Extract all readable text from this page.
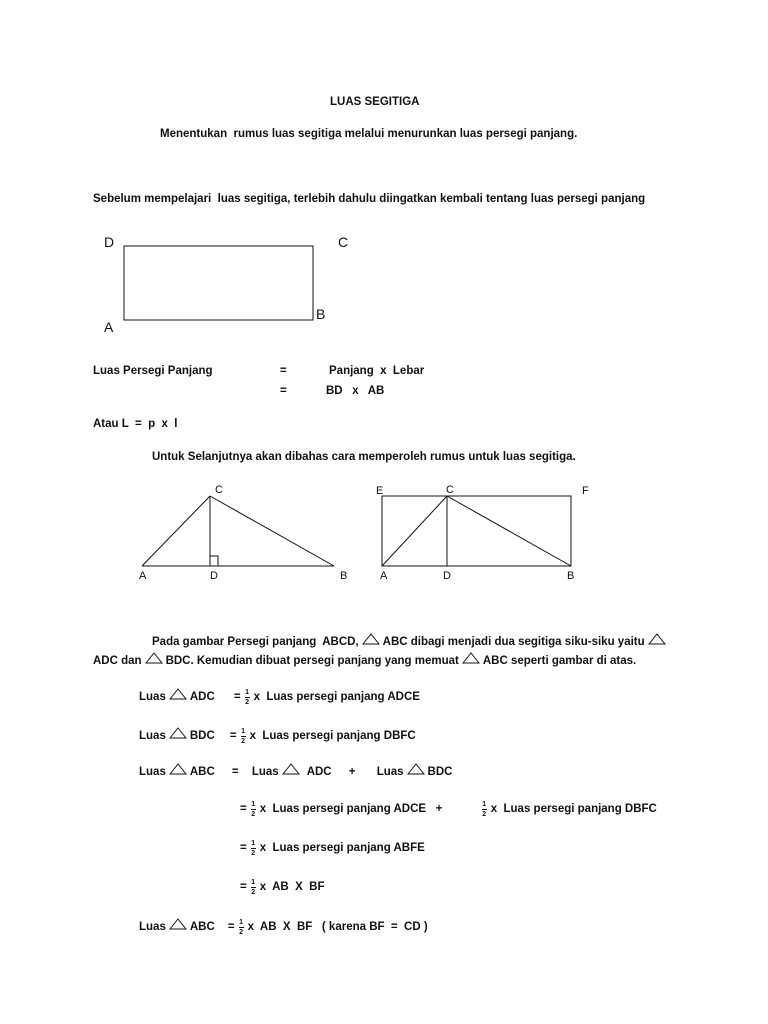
LUAS SEGITIGA
Menentukan  rumus luas segitiga melalui menurunkan luas persegi panjang.
Sebelum mempelajari  luas segitiga, terlebih dahulu diingatkan kembali tentang luas persegi panjang
D	C
A
B
Luas Persegi Panjang	=	Panjang  x  Lebar
=	BD   x   AB
Atau L  =  p  x  l
Untuk Selanjutnya akan dibahas cara memperoleh rumus untuk luas segitiga.
C
A	D	B
E	C	F
A	D	B
Pada gambar Persegi panjang  ABCD, ABC dibagi menjadi dua segitiga siku-siku yaitu
ADC dan BDC. Kemudian dibuat persegi panjang yang memuat ABC seperti gambar di atas.
Luas ADC	= $\frac{1}{2}$ x  Luas persegi panjang ADCE
Luas BDC	= $\frac{1}{2}$ x  Luas persegi panjang DBFC
Luas ABC	=	Luas ADC	+	Luas BDC
= $\frac{1}{2}$ x  Luas persegi panjang ADCE   +	$\frac{1}{2}$ x  Luas persegi panjang DBFC
= $\frac{1}{2}$ x  Luas persegi panjang ABFE
= $\frac{1}{2}$ x  AB  X  BF
Luas ABC	= $\frac{1}{2}$ x  AB  X  BF   ( karena BF  =  CD )
